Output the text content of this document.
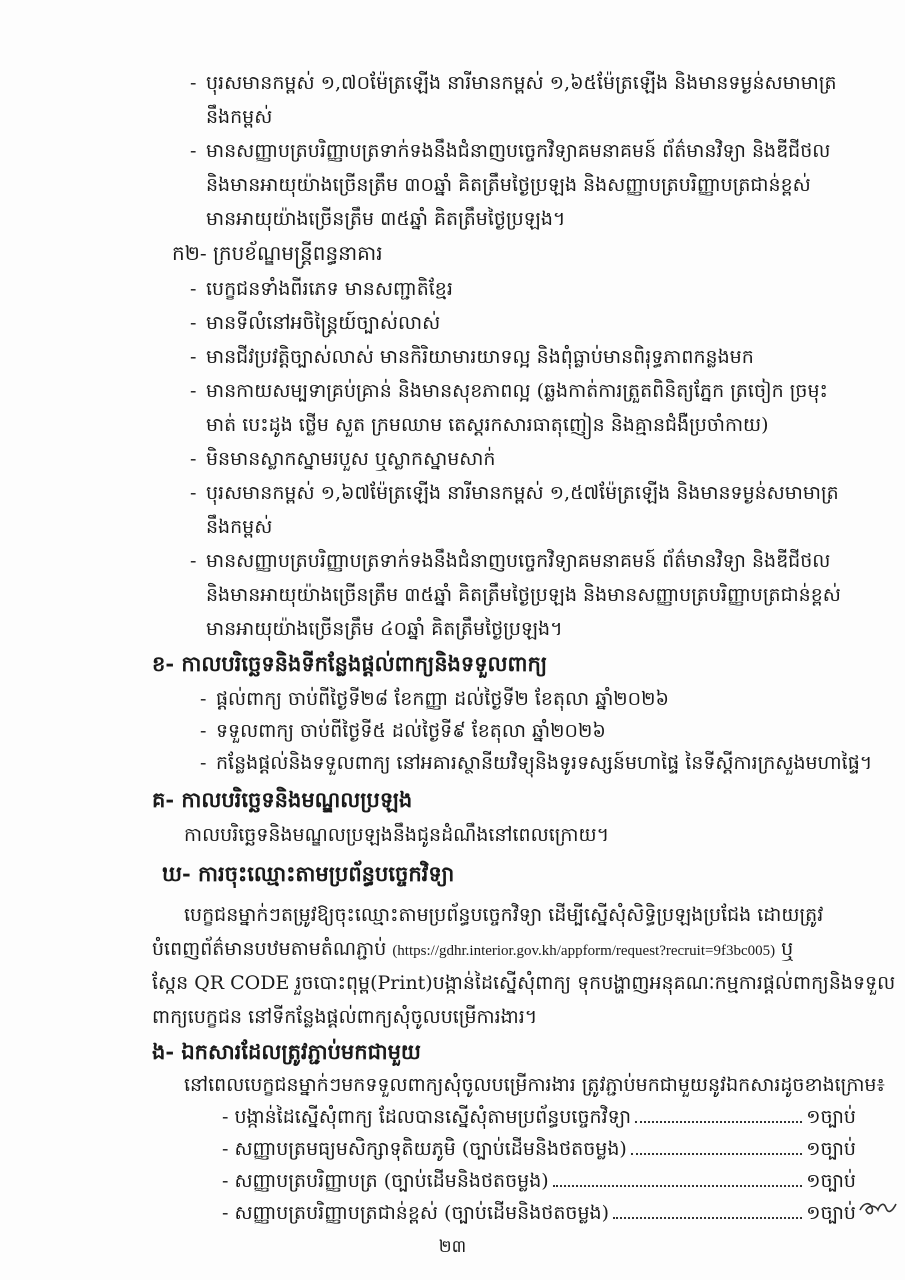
- បុរសមានកម្ពស់ ១,៧០ម៉ែត្រឡើង នារីមានកម្ពស់ ១,៦៥ម៉ែត្រឡើង និងមានទម្ងន់សមាមាត្រ
នឹងកម្ពស់
- មានសញ្ញាបត្របរិញ្ញាបត្រទាក់ទងនឹងជំនាញបច្ចេកវិទ្យាគមនាគមន៍ ព័ត៌មានវិទ្យា និងឌីជីថល
និងមានអាយុយ៉ាងច្រើនត្រឹម ៣០ឆ្នាំ គិតត្រឹមថ្ងៃប្រឡង និងសញ្ញាបត្របរិញ្ញាបត្រជាន់ខ្ពស់
មានអាយុយ៉ាងច្រើនត្រឹម ៣៥ឆ្នាំ គិតត្រឹមថ្ងៃប្រឡង។
ក២- ក្របខ័ណ្ឌមន្ត្រីពន្ធនាគារ
- បេក្ខជនទាំងពីរភេទ មានសញ្ជាតិខ្មែរ
- មានទីលំនៅអចិន្ត្រៃយ៍ច្បាស់លាស់
- មានជីវប្រវត្តិច្បាស់លាស់ មានកិរិយាមារយាទល្អ និងពុំធ្លាប់មានពិរុទ្ធភាពកន្លងមក
- មានកាយសម្បទាគ្រប់គ្រាន់ និងមានសុខភាពល្អ (ឆ្លងកាត់ការត្រួតពិនិត្យភ្នែក ត្រចៀក ច្រមុះ
មាត់ បេះដូង ថ្លើម សួត ក្រមឈាម តេស្តរកសារធាតុញៀន និងគ្មានជំងឺប្រចាំកាយ)
- មិនមានស្លាកស្នាមរបួស ឬស្លាកស្នាមសាក់
- បុរសមានកម្ពស់ ១,៦៧ម៉ែត្រឡើង នារីមានកម្ពស់ ១,៥៧ម៉ែត្រឡើង និងមានទម្ងន់សមាមាត្រ
នឹងកម្ពស់
- មានសញ្ញាបត្របរិញ្ញាបត្រទាក់ទងនឹងជំនាញបច្ចេកវិទ្យាគមនាគមន៍ ព័ត៌មានវិទ្យា និងឌីជីថល
និងមានអាយុយ៉ាងច្រើនត្រឹម ៣៥ឆ្នាំ គិតត្រឹមថ្ងៃប្រឡង និងមានសញ្ញាបត្របរិញ្ញាបត្រជាន់ខ្ពស់
មានអាយុយ៉ាងច្រើនត្រឹម ៤០ឆ្នាំ គិតត្រឹមថ្ងៃប្រឡង។
ខ- កាលបរិច្ឆេទនិងទីកន្លែងផ្តល់ពាក្យនិងទទួលពាក្យ
- ផ្តល់ពាក្យ ចាប់ពីថ្ងៃទី២៨ ខែកញ្ញា ដល់ថ្ងៃទី២ ខែតុលា ឆ្នាំ២០២៦
- ទទួលពាក្យ ចាប់ពីថ្ងៃទី៥ ដល់ថ្ងៃទី៩ ខែតុលា ឆ្នាំ២០២៦
- កន្លែងផ្តល់និងទទួលពាក្យ នៅអគារស្ថានីយវិទ្យុនិងទូរទស្សន៍មហាផ្ទៃ នៃទីស្តីការក្រសួងមហាផ្ទៃ។
គ- កាលបរិច្ឆេទនិងមណ្ឌលប្រឡង
កាលបរិច្ឆេទនិងមណ្ឌលប្រឡងនឹងជូនដំណឹងនៅពេលក្រោយ។
ឃ- ការចុះឈ្មោះតាមប្រព័ន្ធបច្ចេកវិទ្យា
បេក្ខជនម្នាក់ៗតម្រូវឱ្យចុះឈ្មោះតាមប្រព័ន្ធបច្ចេកវិទ្យា ដើម្បីស្នើសុំសិទ្ធិប្រឡងប្រជែង ដោយត្រូវ
បំពេញព័ត៌មានបឋមតាមតំណភ្ជាប់ (https://gdhr.interior.gov.kh/appform/request?recruit=9f3bc005) ឬ
ស្កែន QR CODE រួចបោះពុម្ព(Print)បង្កាន់ដៃស្នើសុំពាក្យ ទុកបង្ហាញអនុគណៈកម្មការផ្តល់ពាក្យនិងទទួល
ពាក្យបេក្ខជន នៅទីកន្លែងផ្តល់ពាក្យសុំចូលបម្រើការងារ។
ង- ឯកសារដែលត្រូវភ្ជាប់មកជាមួយ
នៅពេលបេក្ខជនម្នាក់ៗមកទទួលពាក្យសុំចូលបម្រើការងារ ត្រូវភ្ជាប់មកជាមួយនូវឯកសារដូចខាងក្រោម៖
- បង្កាន់ដៃស្នើសុំពាក្យ ដែលបានស្នើសុំតាមប្រព័ន្ធបច្ចេកវិទ្យា	១ច្បាប់
- សញ្ញាបត្រមធ្យមសិក្សាទុតិយភូមិ (ច្បាប់ដើមនិងថតចម្លង)	១ច្បាប់
- សញ្ញាបត្របរិញ្ញាបត្រ (ច្បាប់ដើមនិងថតចម្លង)	១ច្បាប់
- សញ្ញាបត្របរិញ្ញាបត្រជាន់ខ្ពស់ (ច្បាប់ដើមនិងថតចម្លង)	១ច្បាប់
២៣
